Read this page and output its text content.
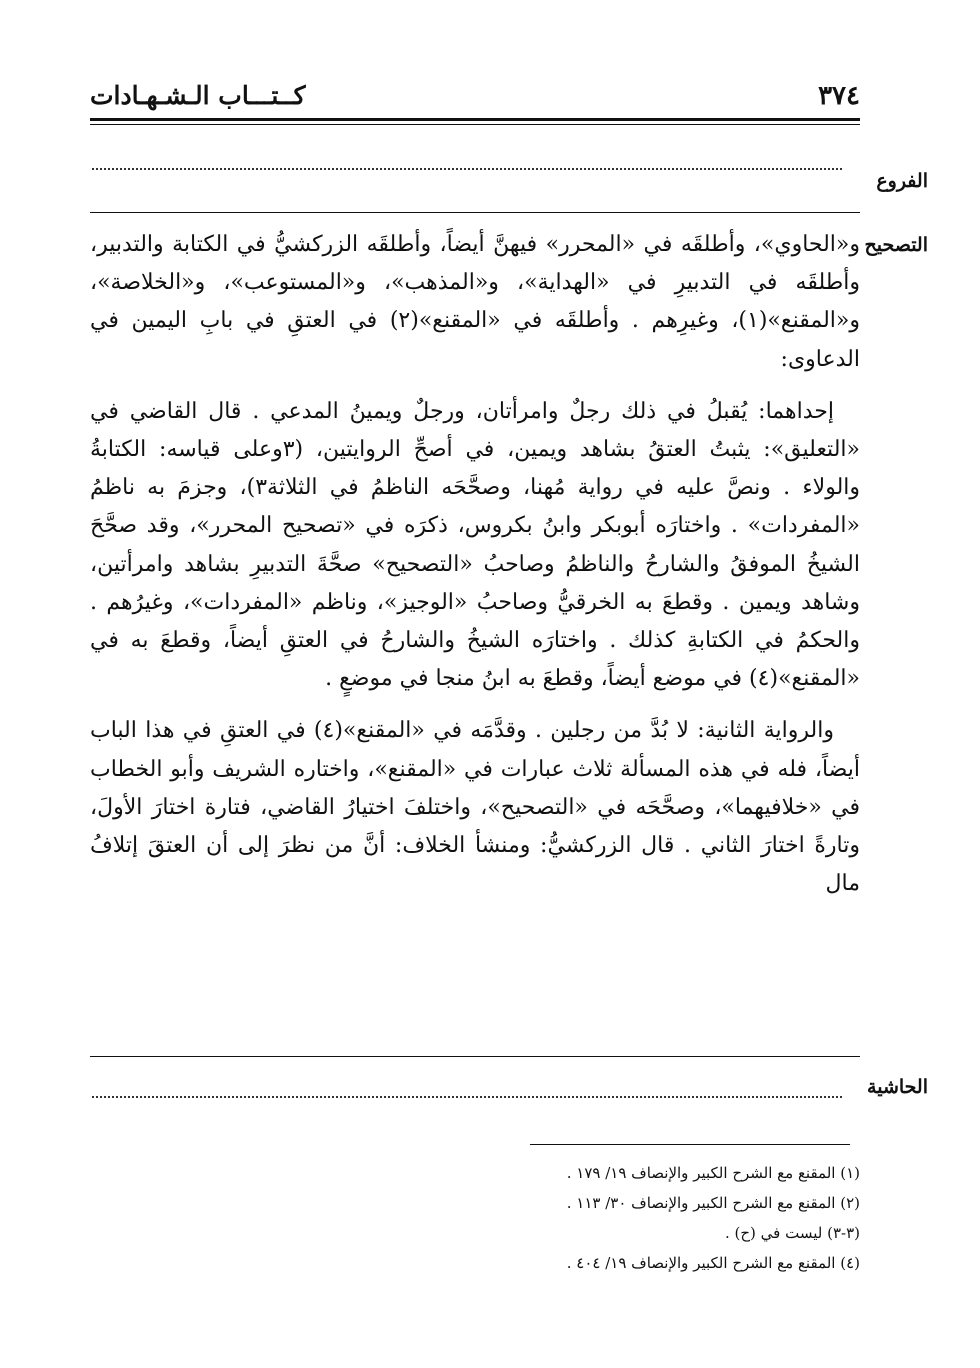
٣٧٤
كــتـــاب الـشـهـادات
الفروع
التصحيح

و«الحاوي»، وأطلقَه في «المحرر» فيهنَّ أيضاً، وأطلقَه الزركشيُّ في الكتابة والتدبير، وأطلقَه في التدبيرِ في «الهداية»، و«المذهب»، و«المستوعب»، و«الخلاصة»، و«المقنع»(١)، وغيرِهم . وأطلقَه في «المقنع»(٢) في العتقِ في بابِ اليمين في الدعاوى:

إحداهما: يُقبلُ في ذلك رجلٌ وامرأتان، ورجلٌ ويمينُ المدعي . قال القاضي في «التعليق»: يثبتُ العتقُ بشاهد ويمين، في أصحِّ الروايتين، (٣وعلى قياسه: الكتابةُ والولاء . ونصَّ عليه في رواية مُهنا، وصحَّحَه الناظمُ في الثلاثة٣)، وجزمَ به ناظمُ «المفردات» . واختارَه أبوبكر وابنُ بكروس، ذكرَه في «تصحيح المحرر»، وقد صحَّحَ الشيخُ الموفقُ والشارحُ والناظمُ وصاحبُ «التصحيح» صحَّةَ التدبيرِ بشاهد وامرأتين، وشاهد ويمين . وقطعَ به الخرقيُّ وصاحبُ «الوجيز»، وناظم «المفردات»، وغيرُهم . والحكمُ في الكتابةِ كذلك . واختارَه الشيخُ والشارحُ في العتقِ أيضاً، وقطعَ به في «المقنع»(٤) في موضع أيضاً، وقطعَ به ابنُ منجا في موضعٍ .

والرواية الثانية: لا بُدَّ من رجلين . وقدَّمَه في «المقنع»(٤) في العتقِ في هذا الباب أيضاً، فله في هذه المسألة ثلاث عبارات في «المقنع»، واختاره الشريف وأبو الخطاب في «خلافيهما»، وصحَّحَه في «التصحيح»، واختلفَ اختيارُ القاضي، فتارة اختارَ الأولَ، وتارةً اختارَ الثاني . قال الزركشيُّ: ومنشأ الخلاف: أنَّ من نظرَ إلى أن العتقَ إتلافُ مال

الحاشية
(١) المقنع مع الشرح الكبير والإنصاف ١٩/ ١٧٩ .
(٢) المقنع مع الشرح الكبير والإنصاف ٣٠/ ١١٣ .
(٣-٣) ليست في (ح) .
(٤) المقنع مع الشرح الكبير والإنصاف ١٩/ ٤٠٤ .
